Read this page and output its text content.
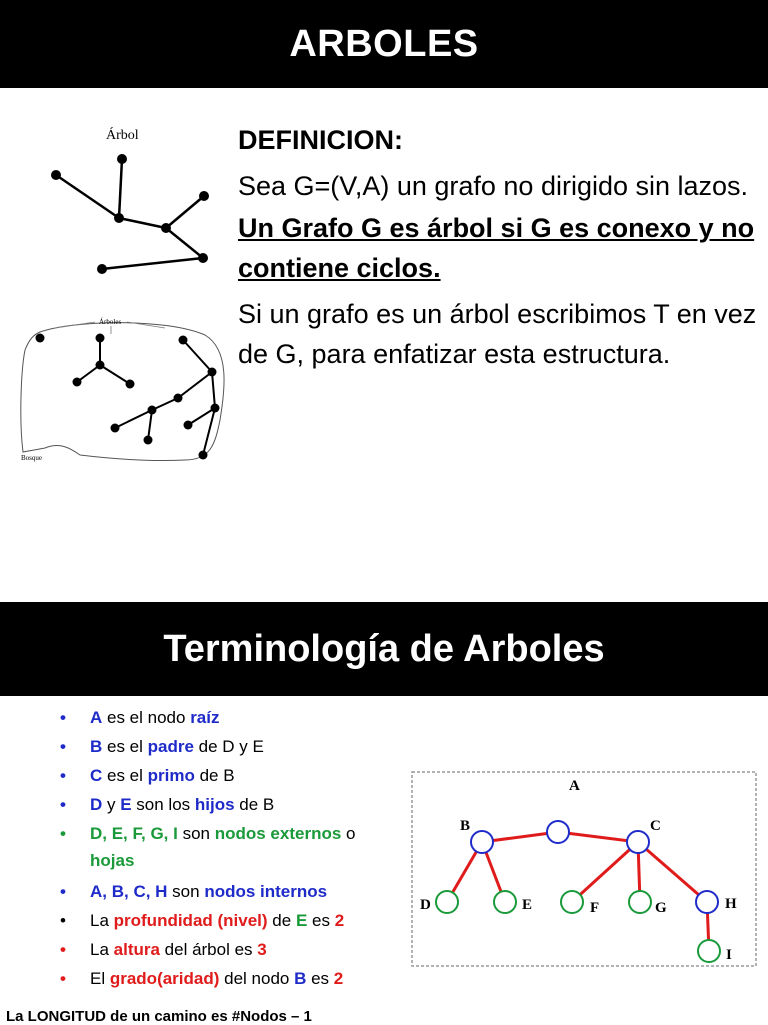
ARBOLES
Árbol
Árboles
Bosque

DEFINICION:

Sea G=(V,A) un grafo no dirigido sin lazos.

Un Grafo G es árbol si G es conexo y no contiene ciclos.

Si un grafo es un árbol escribimos T en vez de G, para enfatizar esta estructura.

Terminología de Arboles
• A es el nodo raíz
• B es el padre de D y E
• C es el primo de B
• D y E son los hijos de B
• D, E, F, G, I son nodos externos o
hojas
• A, B, C, H son nodos internos
• La profundidad (nivel) de E es 2
• La altura del árbol es 3
• El grado(aridad) del nodo B es 2
A
B	C
D	E	F	G	H
I
La LONGITUD de un camino es #Nodos – 1
